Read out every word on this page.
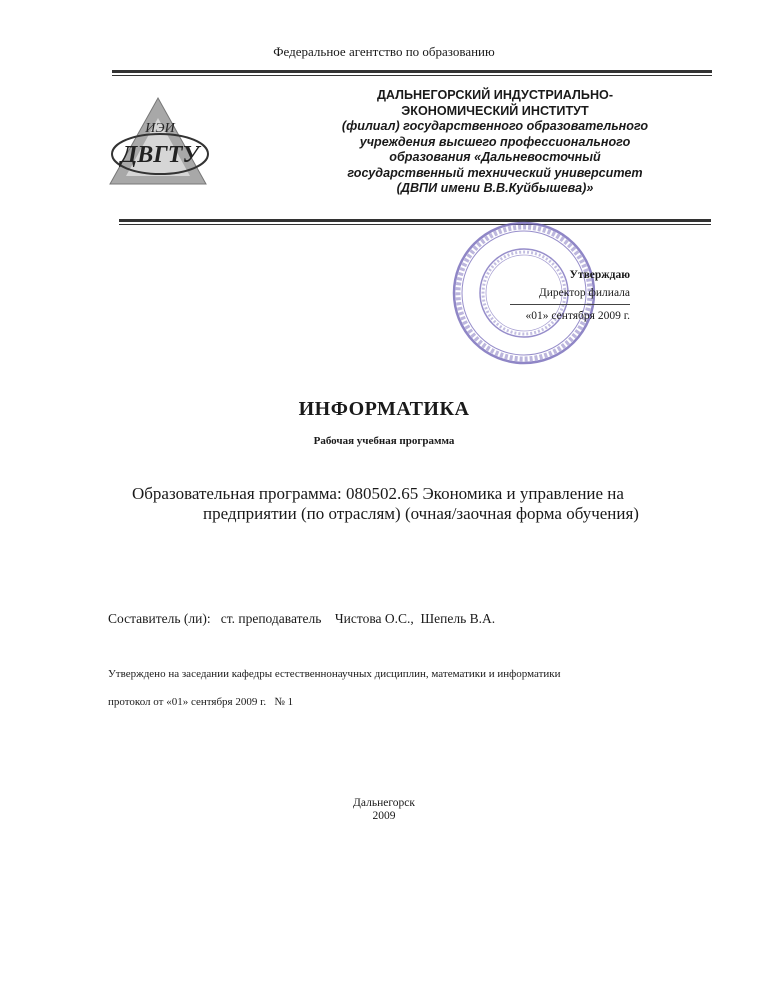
Федеральное агентство по образованию
ИЭИ
ДВГТУ
ДАЛЬНЕГОРСКИЙ ИНДУСТРИАЛЬНО-
ЭКОНОМИЧЕСКИЙ ИНСТИТУТ
(филиал) государственного образовательного
учреждения высшего профессионального
образования «Дальневосточный
государственный технический университет
(ДВПИ имени В.В.Куйбышева)»
Утверждаю
Директор филиала
«01» сентября 2009 г.
ИНФОРМАТИКА
Рабочая учебная программа
Образовательная программа: 080502.65 Экономика и управление на
предприятии (по отраслям) (очная/заочная форма обучения)
Составитель (ли):   ст. преподаватель    Чистова О.С.,  Шепель В.А.
Утверждено на заседании кафедры естественнонаучных дисциплин, математики и информатики
протокол от «01» сентября 2009 г.   № 1
Дальнегорск
2009
